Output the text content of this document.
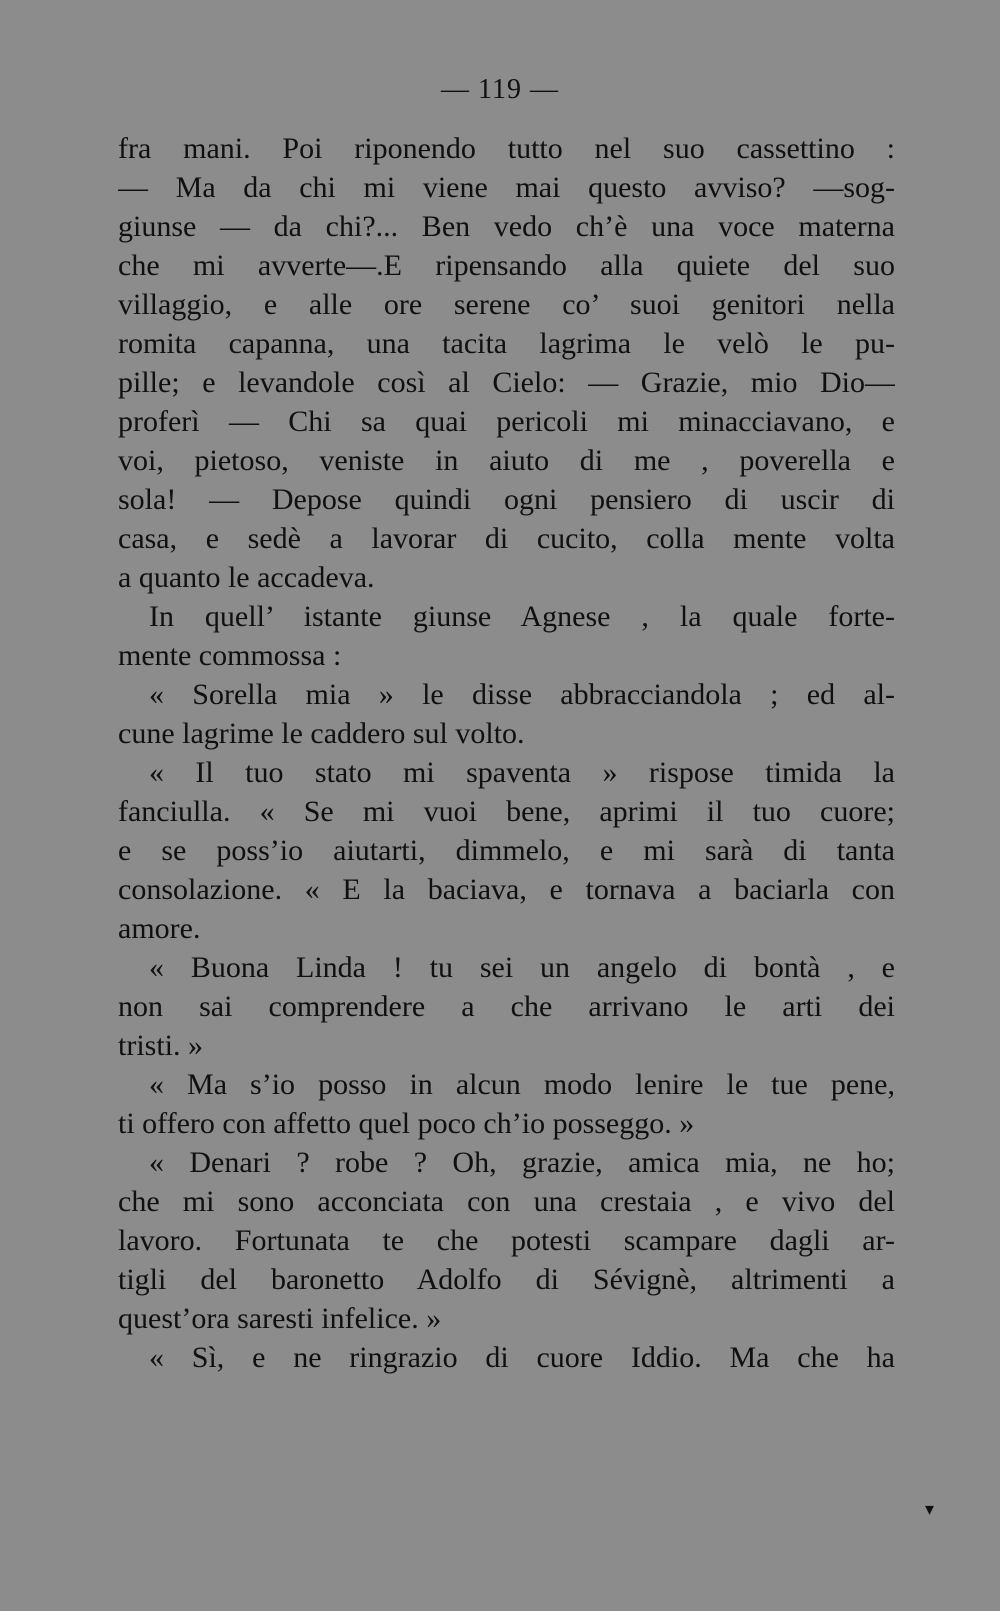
— 119 —
fra mani. Poi riponendo tutto nel suo cassettino :
— Ma da chi mi viene mai questo avviso? —sog-
giunse — da chi?... Ben vedo ch’è una voce materna
che mi avverte—.E ripensando alla quiete del suo
villaggio, e alle ore serene co’ suoi genitori nella
romita capanna, una tacita lagrima le velò le pu-
pille; e levandole così al Cielo: — Grazie, mio Dio—
proferì — Chi sa quai pericoli mi minacciavano, e
voi, pietoso, veniste in aiuto di me , poverella e
sola! — Depose quindi ogni pensiero di uscir di
casa, e sedè a lavorar di cucito, colla mente volta
a quanto le accadeva.
In quell’ istante giunse Agnese , la quale forte-
mente commossa :
« Sorella mia » le disse abbracciandola ; ed al-
cune lagrime le caddero sul volto.
« Il tuo stato mi spaventa » rispose timida la
fanciulla. « Se mi vuoi bene, aprimi il tuo cuore;
e se poss’io aiutarti, dimmelo, e mi sarà di tanta
consolazione. « E la baciava, e tornava a baciarla con
amore.
« Buona Linda ! tu sei un angelo di bontà , e
non sai comprendere a che arrivano le arti dei
tristi. »
« Ma s’io posso in alcun modo lenire le tue pene,
ti offero con affetto quel poco ch’io posseggo. »
« Denari ? robe ? Oh, grazie, amica mia, ne ho;
che mi sono acconciata con una crestaia , e vivo del
lavoro. Fortunata te che potesti scampare dagli ar-
tigli del baronetto Adolfo di Sévignè, altrimenti a
quest’ora saresti infelice. »
« Sì, e ne ringrazio di cuore Iddio. Ma che ha
▾
